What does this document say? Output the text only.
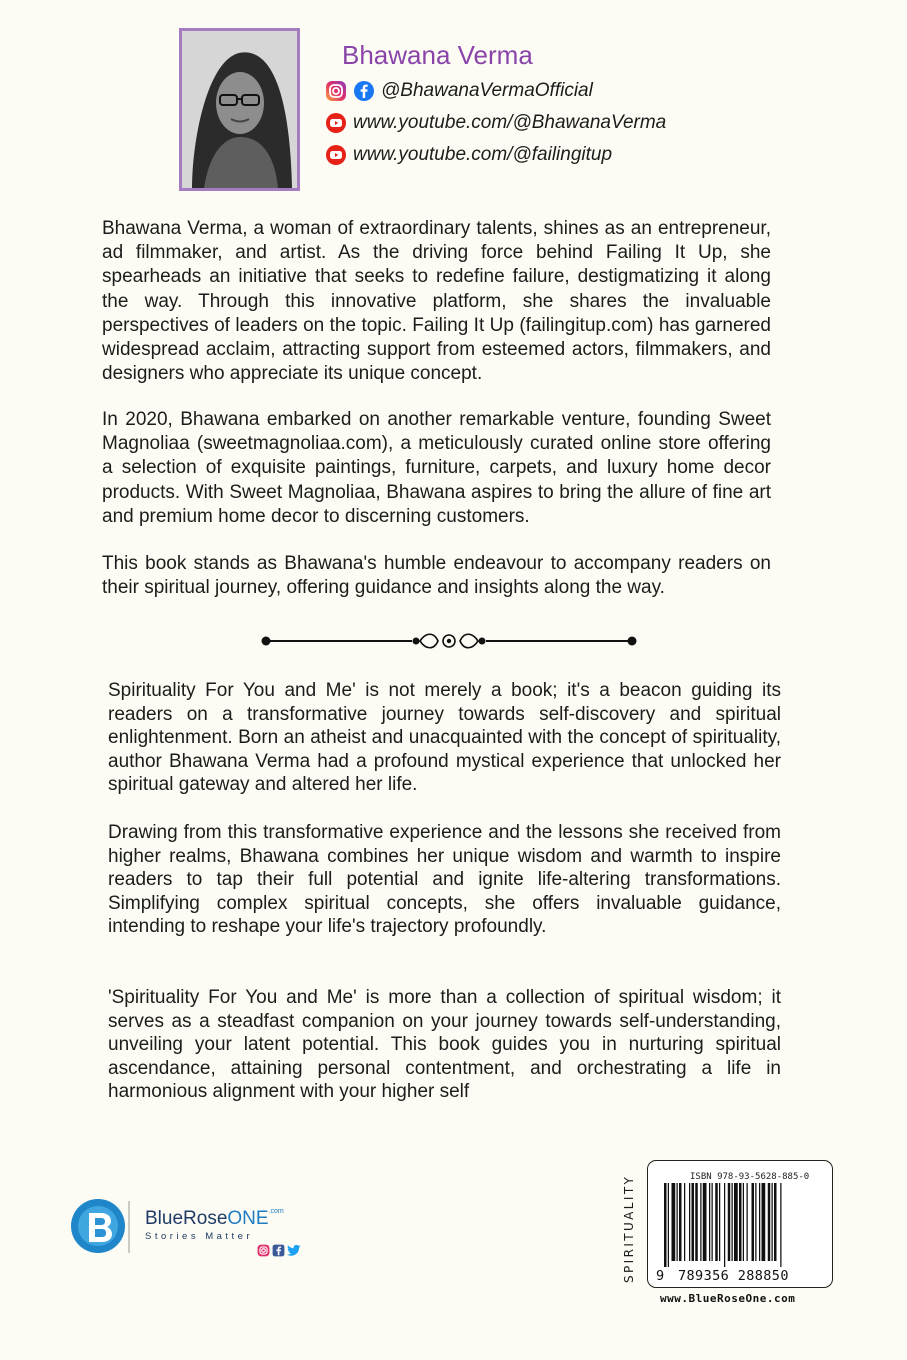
Bhawana Verma
@BhawanaVermaOfficial
www.youtube.com/@BhawanaVerma
www.youtube.com/@failingitup

Bhawana Verma, a woman of extraordinary talents, shines as an entrepreneur, ad filmmaker, and artist. As the driving force behind Failing It Up, she spearheads an initiative that seeks to redefine failure, destigmatizing it along the way. Through this innovative platform, she shares the invaluable perspectives of leaders on the topic. Failing It Up (failingitup.com) has garnered widespread acclaim, attracting support from esteemed actors, filmmakers, and designers who appreciate its unique concept.

In 2020, Bhawana embarked on another remarkable venture, founding Sweet Magnoliaa (sweetmagnoliaa.com), a meticulously curated online store offering a selection of exquisite paintings, furniture, carpets, and luxury home decor products. With Sweet Magnoliaa, Bhawana aspires to bring the allure of fine art and premium home decor to discerning customers.

This book stands as Bhawana's humble endeavour to accompany readers on their spiritual journey, offering guidance and insights along the way.

Spirituality For You and Me' is not merely a book; it's a beacon guiding its readers on a transformative journey towards self-discovery and spiritual enlightenment. Born an atheist and unacquainted with the concept of spirituality, author Bhawana Verma had a profound mystical experience that unlocked her spiritual gateway and altered her life.

Drawing from this transformative experience and the lessons she received from higher realms, Bhawana combines her unique wisdom and warmth to inspire readers to tap their full potential and ignite life-altering transformations. Simplifying complex spiritual concepts, she offers invaluable guidance, intending to reshape your life's trajectory profoundly.

'Spirituality For You and Me' is more than a collection of spiritual wisdom; it serves as a steadfast companion on your journey towards self-understanding, unveiling your latent potential. This book guides you in nurturing spiritual ascendance, attaining personal contentment, and orchestrating a life in harmonious alignment with your higher self

BlueRoseONE$^{.com}$
Stories Matter	SPIRITUALITY	ISBN 978-93-5628-885-0
9 789356 288850
www.BlueRoseOne.com
